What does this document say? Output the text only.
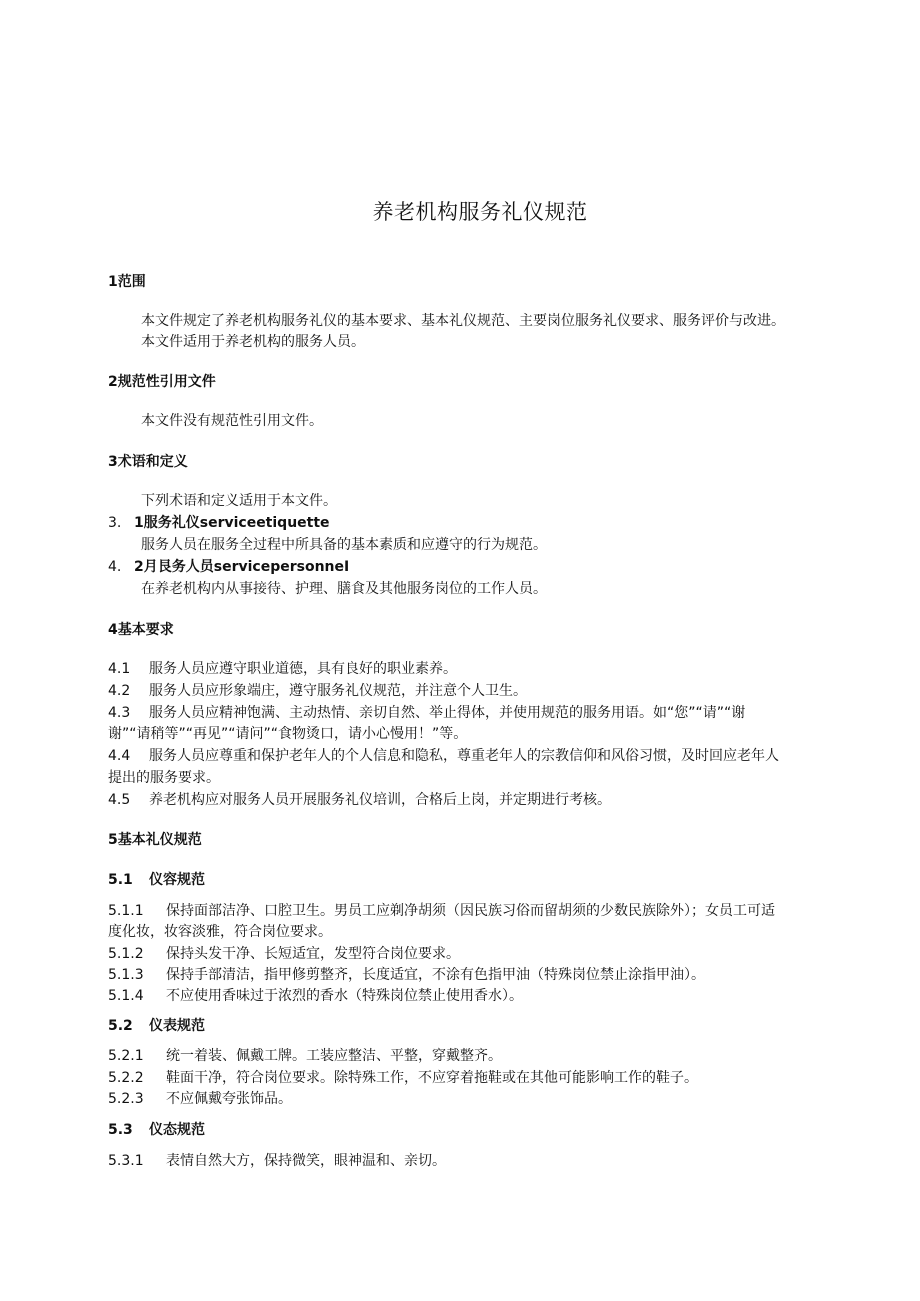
养老机构服务礼仪规范
1范围
本文件规定了养老机构服务礼仪的基本要求、基本礼仪规范、主要岗位服务礼仪要求、服务评价与改进。
本文件适用于养老机构的服务人员。
2规范性引用文件
本文件没有规范性引用文件。
3术语和定义
下列术语和定义适用于本文件。
3. 1服务礼仪serviceetiquette
服务人员在服务全过程中所具备的基本素质和应遵守的行为规范。
4. 2月艮务人员servicepersonneI
在养老机构内从事接待、护理、膳食及其他服务岗位的工作人员。
4基本要求
4.1 服务人员应遵守职业道德，具有良好的职业素养。
4.2 服务人员应形象端庄，遵守服务礼仪规范，并注意个人卫生。
4.3 服务人员应精神饱满、主动热情、亲切自然、举止得体，并使用规范的服务用语。如“您”“请”“谢
谢”“请稍等”“再见”“请问”“食物烫口，请小心慢用！”等。
4.4 服务人员应尊重和保护老年人的个人信息和隐私，尊重老年人的宗教信仰和风俗习惯，及时回应老年人
提出的服务要求。
4.5 养老机构应对服务人员开展服务礼仪培训，合格后上岗，并定期进行考核。
5基本礼仪规范
5.1 仪容规范
5.1.1 保持面部洁净、口腔卫生。男员工应剃净胡须（因民族习俗而留胡须的少数民族除外）；女员工可适
度化妆，妆容淡雅，符合岗位要求。
5.1.2 保持头发干净、长短适宜，发型符合岗位要求。
5.1.3 保持手部清洁，指甲修剪整齐，长度适宜，不涂有色指甲油（特殊岗位禁止涂指甲油）。
5.1.4 不应使用香味过于浓烈的香水（特殊岗位禁止使用香水）。
5.2 仪表规范
5.2.1 统一着装、佩戴工牌。工装应整洁、平整，穿戴整齐。
5.2.2 鞋面干净，符合岗位要求。除特殊工作，不应穿着拖鞋或在其他可能影响工作的鞋子。
5.2.3 不应佩戴夸张饰品。
5.3 仪态规范
5.3.1 表情自然大方，保持微笑，眼神温和、亲切。
